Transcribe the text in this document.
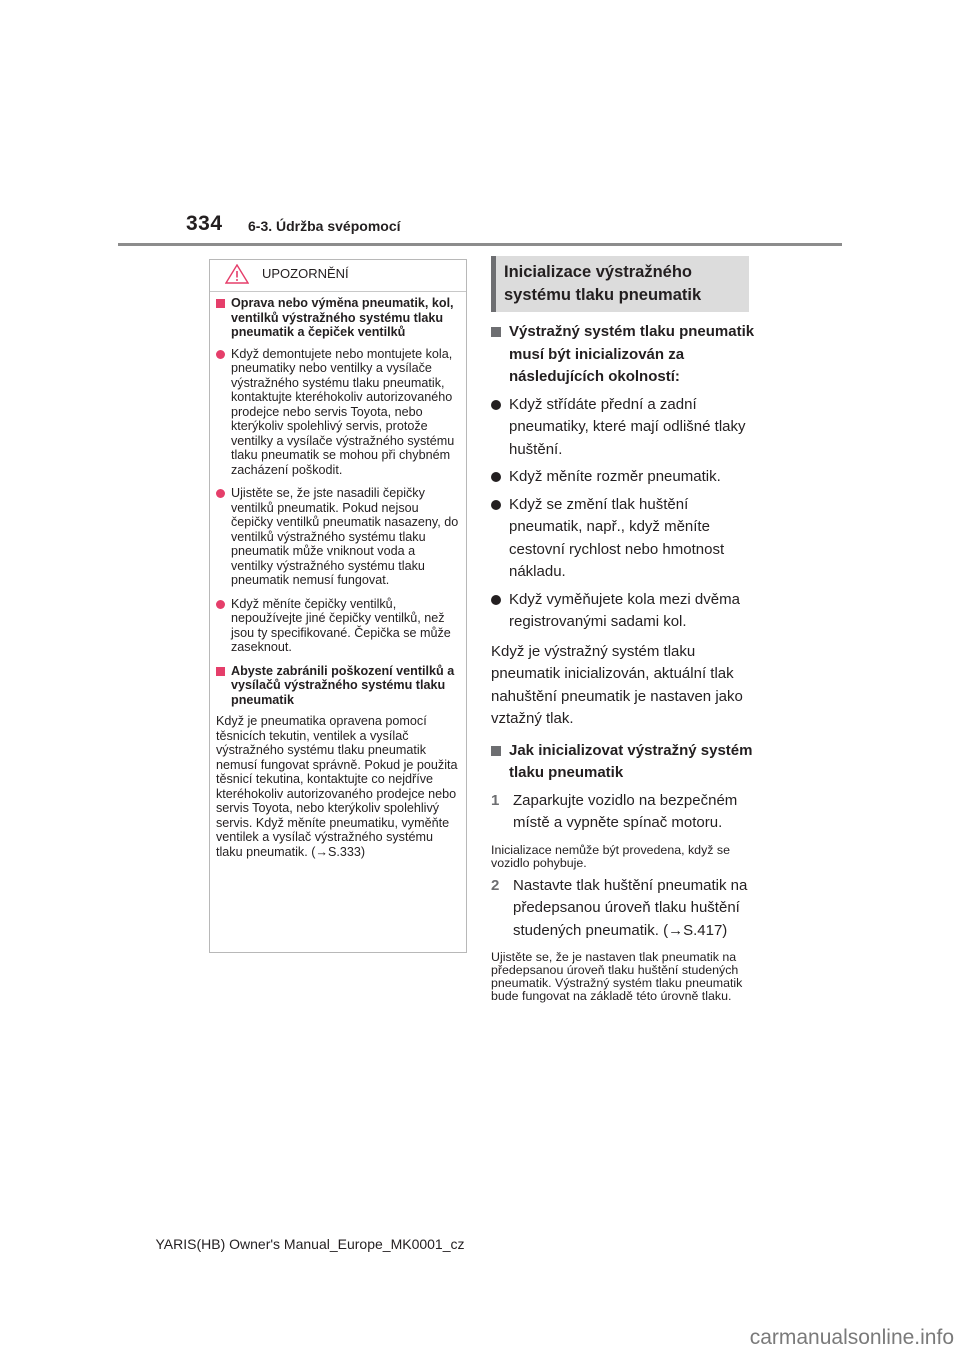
334 6-3. Údržba svépomocí
UPOZORNĚNÍ
Oprava nebo výměna pneumatik, kol, ventilků výstražného systému tlaku pneumatik a čepiček ventilků
Když demontujete nebo montujete kola, pneumatiky nebo ventilky a vysílače výstražného systému tlaku pneumatik, kontaktujte kteréhokoliv autorizovaného prodejce nebo servis Toyota, nebo kterýkoliv spolehlivý servis, protože ventilky a vysílače výstražného systému tlaku pneumatik se mohou při chybném zacházení poškodit.
Ujistěte se, že jste nasadili čepičky ventilků pneumatik. Pokud nejsou čepičky ventilků pneumatik nasazeny, do ventilků výstražného systému tlaku pneumatik může vniknout voda a ventilky výstražného systému tlaku pneumatik nemusí fungovat.
Když měníte čepičky ventilků, nepoužívejte jiné čepičky ventilků, než jsou ty specifikované. Čepička se může zaseknout.
Abyste zabránili poškození ventilků a vysílačů výstražného systému tlaku pneumatik
Když je pneumatika opravena pomocí těsnicích tekutin, ventilek a vysílač výstražného systému tlaku pneumatik nemusí fungovat správně. Pokud je použita těsnicí tekutina, kontaktujte co nejdříve kteréhokoliv autorizovaného prodejce nebo servis Toyota, nebo kterýkoliv spolehlivý servis. Když měníte pneumatiku, vyměňte ventilek a vysílač výstražného systému tlaku pneumatik. (→S.333)
Inicializace výstražného systému tlaku pneumatik
Výstražný systém tlaku pneumatik musí být inicializován za následujících okolností:
Když střídáte přední a zadní pneumatiky, které mají odlišné tlaky huštění.
Když měníte rozměr pneumatik.
Když se změní tlak huštění pneumatik, např., když měníte cestovní rychlost nebo hmotnost nákladu.
Když vyměňujete kola mezi dvěma registrovanými sadami kol.
Když je výstražný systém tlaku pneumatik inicializován, aktuální tlak nahuštění pneumatik je nastaven jako vztažný tlak.
Jak inicializovat výstražný systém tlaku pneumatik
1 Zaparkujte vozidlo na bezpečném místě a vypněte spínač motoru.
Inicializace nemůže být provedena, když se vozidlo pohybuje.
2 Nastavte tlak huštění pneumatik na předepsanou úroveň tlaku huštění studených pneumatik. (→S.417)
Ujistěte se, že je nastaven tlak pneumatik na předepsanou úroveň tlaku huštění studených pneumatik. Výstražný systém tlaku pneumatik bude fungovat na základě této úrovně tlaku.
YARIS(HB) Owner's Manual_Europe_MK0001_cz
carmanualsonline.info
